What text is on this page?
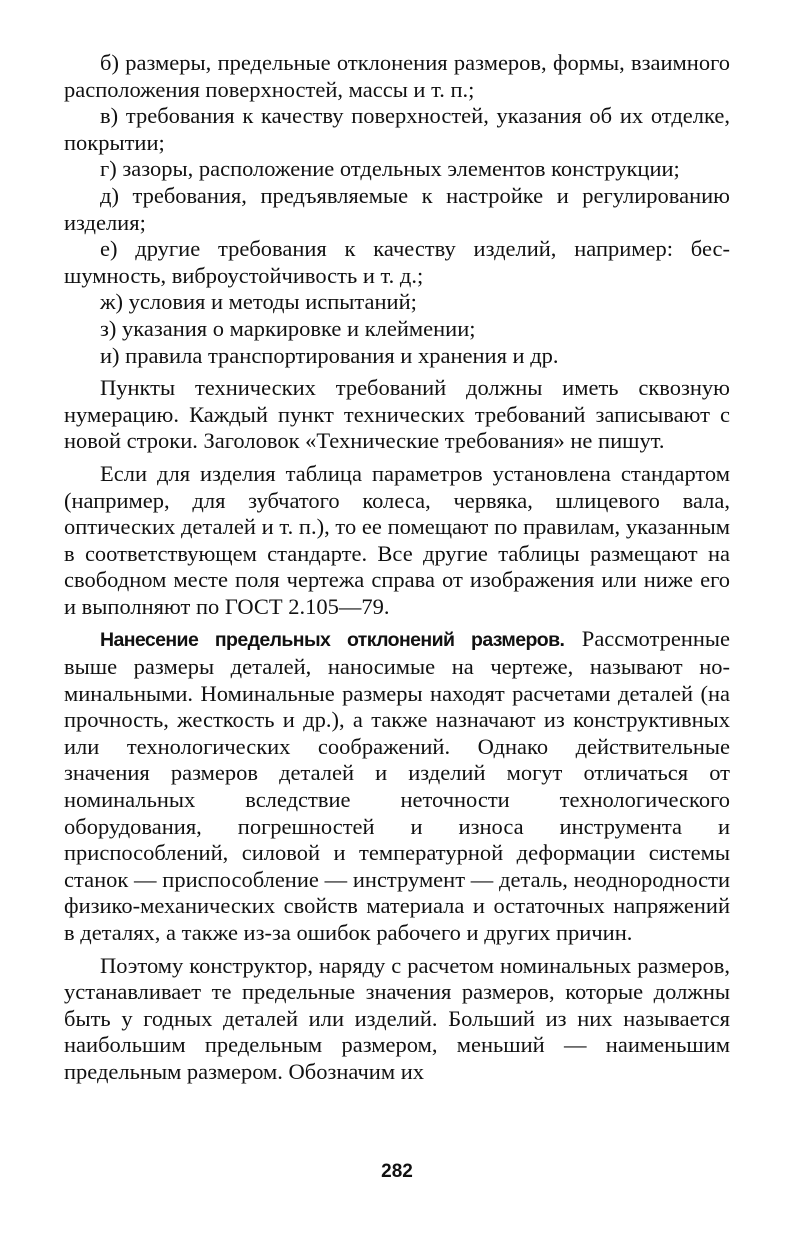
б) размеры, предельные отклонения размеров, формы, взаимного расположения поверхностей, массы и т. п.;

в) требования к качеству поверхностей, указания об их отделке, покрытии;

г) зазоры, расположение отдельных элементов конструкции;

д) требования, предъявляемые к настройке и регулированию изделия;

е) другие требования к качеству изделий, например: бесшумность, виброустойчивость и т. д.;

ж) условия и методы испытаний;

з) указания о маркировке и клеймении;

и) правила транспортирования и хранения и др.

Пункты технических требований должны иметь сквозную нумерацию. Каждый пункт технических требований записывают с новой строки. Заголовок «Технические требования» не пишут.

Если для изделия таблица параметров установлена стандартом (например, для зубчатого колеса, червяка, шлицевого вала, оптических деталей и т. п.), то ее помещают по правилам, указанным в соответствующем стандарте. Все другие таблицы размещают на свободном месте поля чертежа справа от изображения или ниже его и выполняют по ГОСТ 2.105—79.

Нанесение предельных отклонений размеров. Рассмотренные выше размеры деталей, наносимые на чертеже, называют номинальными. Номинальные размеры находят расчетами деталей (на прочность, жесткость и др.), а также назначают из конструктивных или технологических соображений. Однако действительные значения размеров деталей и изделий могут отличаться от номинальных вследствие неточности технологического оборудования, погрешностей и износа инструмента и приспособлений, силовой и температурной деформации системы станок — приспособление — инструмент — деталь, неоднородности физико-механических свойств материала и остаточных напряжений в деталях, а также из-за ошибок рабочего и других причин.

Поэтому конструктор, наряду с расчетом номинальных размеров, устанавливает те предельные значения размеров, которые должны быть у годных деталей или изделий. Больший из них называется наибольшим предельным размером, меньший — наименьшим предельным размером. Обозначим их

282
